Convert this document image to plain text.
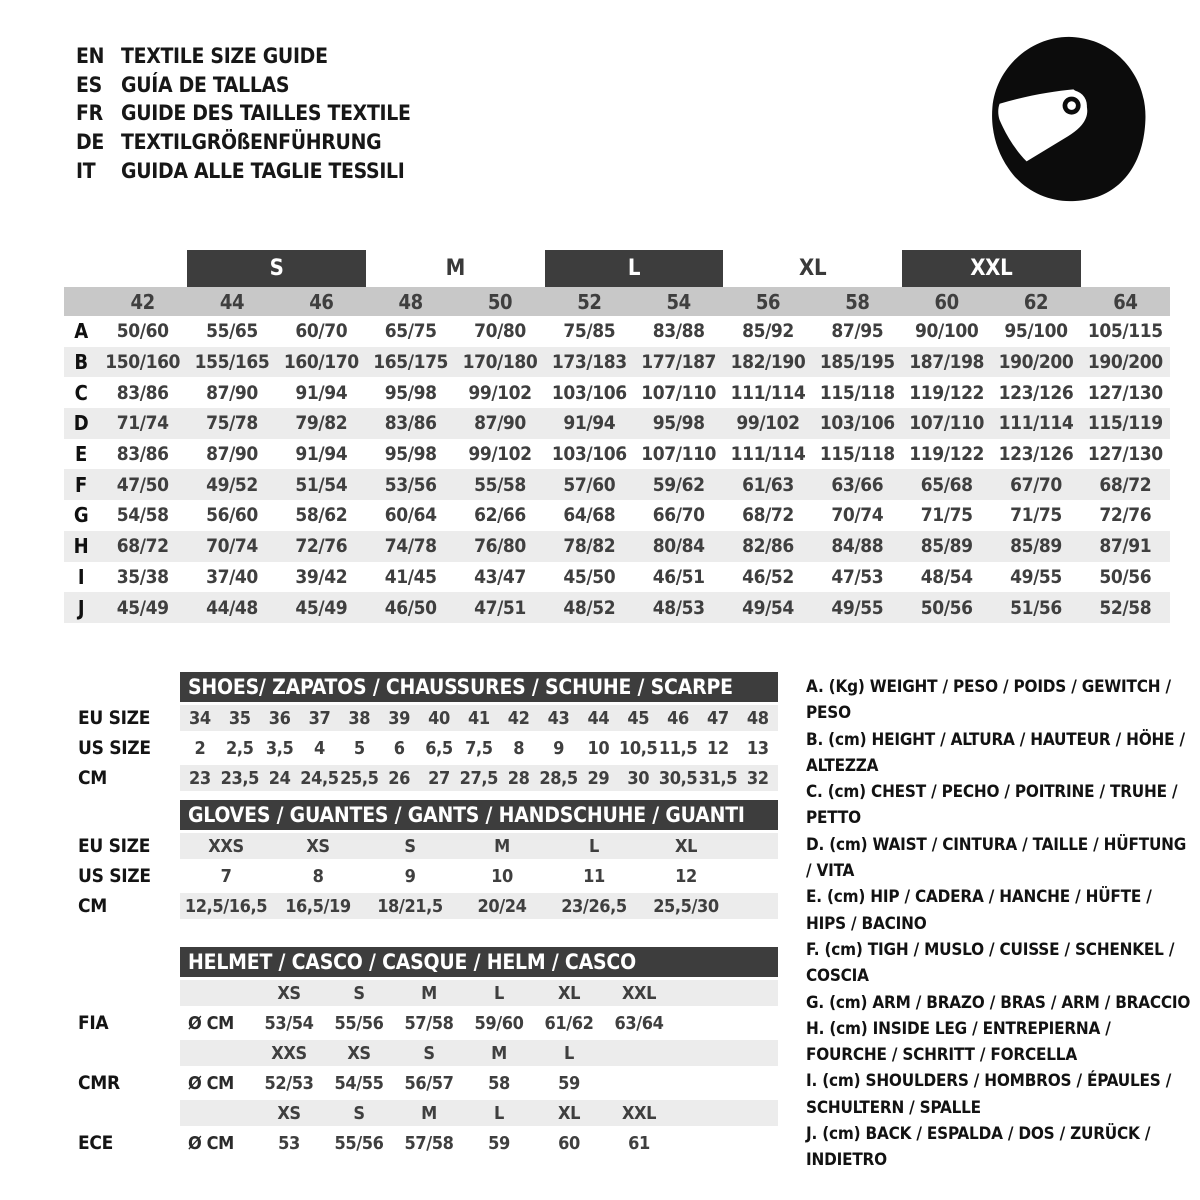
EN TEXTILE SIZE GUIDE
ES GUÍA DE TALLAS
FR GUIDE DES TAILLES TEXTILE
DE TEXTILGRÖßENFÜHRUNG
IT	GUIDA ALLE TAGLIE TESSILI
S	M	L	XL	XXL
42	44	46	48	50	52	54	56	58	60	62	64
A	50/60	55/65	60/70	65/75	70/80	75/85	83/88	85/92	87/95	90/100	95/100	105/115
B 150/160 155/165 160/170 165/175 170/180 173/183 177/187 182/190 185/195 187/198 190/200 190/200
C	83/86	87/90	91/94	95/98	99/102	103/106 107/110 111/114 115/118 119/122 123/126 127/130
D	71/74	75/78	79/82	83/86	87/90	91/94	95/98	99/102	103/106 107/110 111/114 115/119
E	83/86	87/90	91/94	95/98	99/102	103/106 107/110 111/114 115/118 119/122 123/126 127/130
F	47/50	49/52	51/54	53/56	55/58	57/60	59/62	61/63	63/66	65/68	67/70	68/72
G	54/58	56/60	58/62	60/64	62/66	64/68	66/70	68/72	70/74	71/75	71/75	72/76
H	68/72	70/74	72/76	74/78	76/80	78/82	80/84	82/86	84/88	85/89	85/89	87/91
I	35/38	37/40	39/42	41/45	43/47	45/50	46/51	46/52	47/53	48/54	49/55	50/56
J	45/49	44/48	45/49	46/50	47/51	48/52	48/53	49/54	49/55	50/56	51/56	52/58
EU SIZE
US SIZE
CM
SHOES/ ZAPATOS / CHAUSSURES / SCHUHE / SCARPE
34	35	36	37	38	39	40	41	42	43	44	45	46	47	48
2	2,5 3,5	4	5	6	6,5 7,5	8	9	10 10,5 11,5 12	13
23 23,5 24 24,5 25,5 26	27 27,5 28 28,5 29	30 30,5 31,5 32
EU SIZE
US SIZE
CM
GLOVES / GUANTES / GANTS / HANDSCHUHE / GUANTI
XXS	XS	S	M	L	XL
7	8	9	10	11	12
12,5/16,5	16,5/19	18/21,5	20/24	23/26,5	25,5/30
FIA
CMR
ECE
HELMET / CASCO / CASQUE / HELM / CASCO
XS	S	M	L	XL	XXL
Ø CM	53/54	55/56	57/58	59/60	61/62	63/64
XXS	XS	S	M	L
Ø CM	52/53	54/55	56/57	58	59
XS	S	M	L	XL	XXL
Ø CM	53	55/56	57/58	59	60	61
A. (Kg) WEIGHT / PESO / POIDS / GEWITCH / PESO
B. (cm) HEIGHT / ALTURA / HAUTEUR / HÖHE / ALTEZZA
C. (cm) CHEST / PECHO / POITRINE / TRUHE / PETTO
D. (cm) WAIST / CINTURA / TAILLE / HÜFTUNG / VITA
E. (cm) HIP / CADERA / HANCHE / HÜFTE / HIPS / BACINO
F. (cm) TIGH / MUSLO / CUISSE / SCHENKEL / COSCIA
G. (cm) ARM / BRAZO / BRAS / ARM / BRACCIO
H. (cm) INSIDE LEG / ENTREPIERNA / FOURCHE / SCHRITT / FORCELLA
I. (cm) SHOULDERS / HOMBROS / ÉPAULES / SCHULTERN / SPALLE
J. (cm) BACK / ESPALDA / DOS / ZURÜCK / INDIETRO
